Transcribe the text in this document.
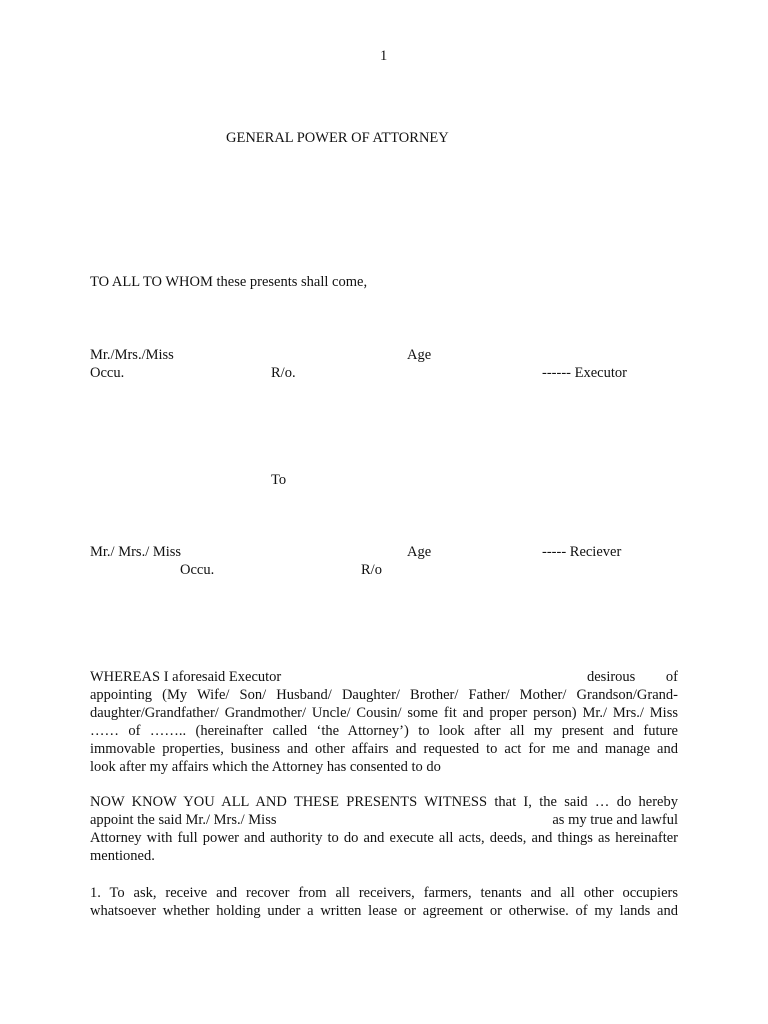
1
GENERAL POWER OF ATTORNEY
TO ALL TO WHOM these presents shall come,
Mr./Mrs./Miss	Age
Occu.	R/o.	------ Executor
To
Mr./ Mrs./ Miss	Age	----- Reciever
Occu.	R/o
WHEREAS I aforesaid Executor	desirous of
appointing (My Wife/ Son/ Husband/ Daughter/ Brother/ Father/ Mother/ Grandson/Grand-
daughter/Grandfather/ Grandmother/ Uncle/ Cousin/ some fit and proper person) Mr./ Mrs./ Miss
…… of …….. (hereinafter called ‘the Attorney’) to look after all my present and future
immovable properties, business and other affairs and requested to act for me and manage and
look after my affairs which the Attorney has consented to do
NOW KNOW YOU ALL AND THESE PRESENTS WITNESS that I, the said … do hereby
appoint the said Mr./ Mrs./ Miss	as my true and lawful
Attorney with full power and authority to do and execute all acts, deeds, and things as hereinafter
mentioned.
1. To ask, receive and recover from all receivers, farmers, tenants and all other occupiers
whatsoever whether holding under a written lease or agreement or otherwise. of my lands and
